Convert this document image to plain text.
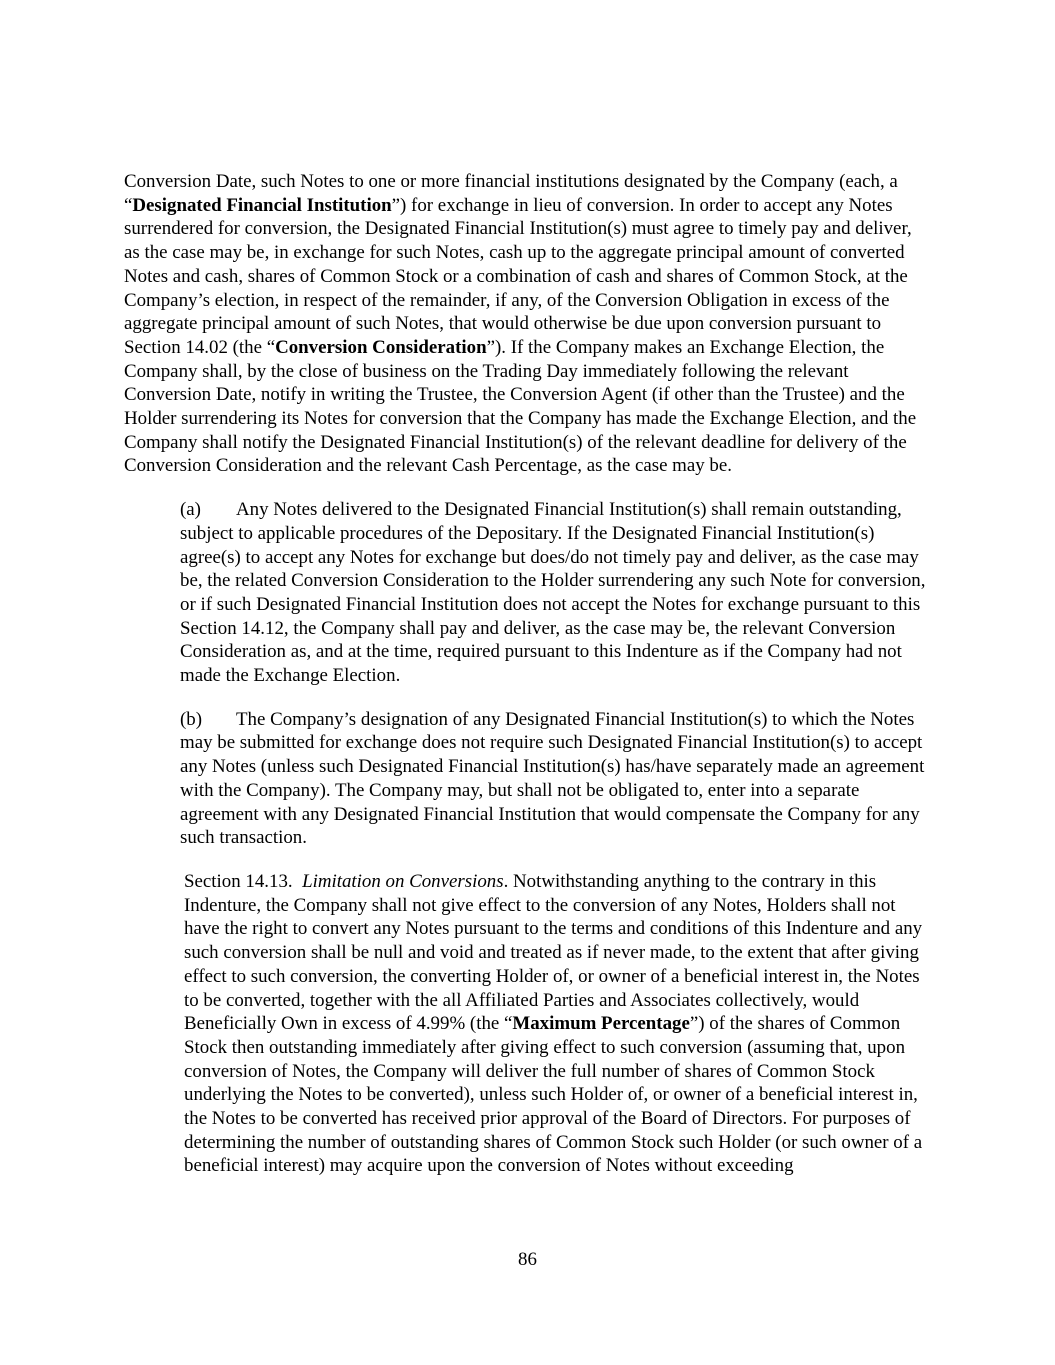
Conversion Date, such Notes to one or more financial institutions designated by the Company (each, a “Designated Financial Institution”) for exchange in lieu of conversion. In order to accept any Notes surrendered for conversion, the Designated Financial Institution(s) must agree to timely pay and deliver, as the case may be, in exchange for such Notes, cash up to the aggregate principal amount of converted Notes and cash, shares of Common Stock or a combination of cash and shares of Common Stock, at the Company’s election, in respect of the remainder, if any, of the Conversion Obligation in excess of the aggregate principal amount of such Notes, that would otherwise be due upon conversion pursuant to Section 14.02 (the “Conversion Consideration”). If the Company makes an Exchange Election, the Company shall, by the close of business on the Trading Day immediately following the relevant Conversion Date, notify in writing the Trustee, the Conversion Agent (if other than the Trustee) and the Holder surrendering its Notes for conversion that the Company has made the Exchange Election, and the Company shall notify the Designated Financial Institution(s) of the relevant deadline for delivery of the Conversion Consideration and the relevant Cash Percentage, as the case may be.

(a) Any Notes delivered to the Designated Financial Institution(s) shall remain outstanding, subject to applicable procedures of the Depositary. If the Designated Financial Institution(s) agree(s) to accept any Notes for exchange but does/do not timely pay and deliver, as the case may be, the related Conversion Consideration to the Holder surrendering any such Note for conversion, or if such Designated Financial Institution does not accept the Notes for exchange pursuant to this Section 14.12, the Company shall pay and deliver, as the case may be, the relevant Conversion Consideration as, and at the time, required pursuant to this Indenture as if the Company had not made the Exchange Election.

(b) The Company’s designation of any Designated Financial Institution(s) to which the Notes may be submitted for exchange does not require such Designated Financial Institution(s) to accept any Notes (unless such Designated Financial Institution(s) has/have separately made an agreement with the Company). The Company may, but shall not be obligated to, enter into a separate agreement with any Designated Financial Institution that would compensate the Company for any such transaction.

Section 14.13. Limitation on Conversions. Notwithstanding anything to the contrary in this Indenture, the Company shall not give effect to the conversion of any Notes, Holders shall not have the right to convert any Notes pursuant to the terms and conditions of this Indenture and any such conversion shall be null and void and treated as if never made, to the extent that after giving effect to such conversion, the converting Holder of, or owner of a beneficial interest in, the Notes to be converted, together with the all Affiliated Parties and Associates collectively, would Beneficially Own in excess of 4.99% (the “Maximum Percentage”) of the shares of Common Stock then outstanding immediately after giving effect to such conversion (assuming that, upon conversion of Notes, the Company will deliver the full number of shares of Common Stock underlying the Notes to be converted), unless such Holder of, or owner of a beneficial interest in, the Notes to be converted has received prior approval of the Board of Directors. For purposes of determining the number of outstanding shares of Common Stock such Holder (or such owner of a beneficial interest) may acquire upon the conversion of Notes without exceeding

86
